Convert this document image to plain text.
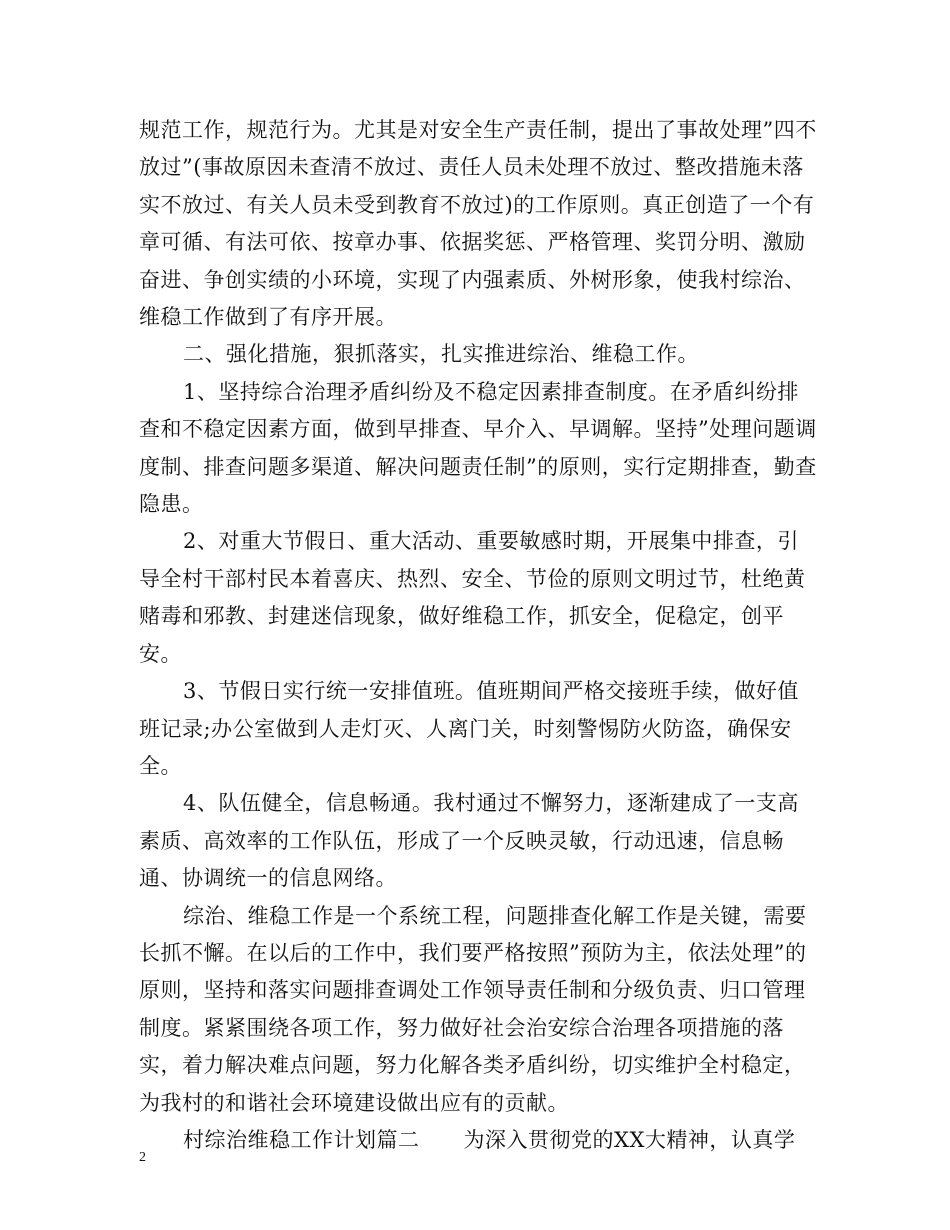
规范工作，规范行为。尤其是对安全生产责任制，提出了事故处理”四不放过”(事故原因未查清不放过、责任人员未处理不放过、整改措施未落实不放过、有关人员未受到教育不放过)的工作原则。真正创造了一个有章可循、有法可依、按章办事、依据奖惩、严格管理、奖罚分明、激励奋进、争创实绩的小环境，实现了内强素质、外树形象，使我村综治、维稳工作做到了有序开展。

二、强化措施，狠抓落实，扎实推进综治、维稳工作。

1、坚持综合治理矛盾纠纷及不稳定因素排查制度。在矛盾纠纷排查和不稳定因素方面，做到早排查、早介入、早调解。坚持”处理问题调度制、排查问题多渠道、解决问题责任制”的原则，实行定期排查，勤查隐患。

2、对重大节假日、重大活动、重要敏感时期，开展集中排查，引导全村干部村民本着喜庆、热烈、安全、节俭的原则文明过节，杜绝黄赌毒和邪教、封建迷信现象，做好维稳工作，抓安全，促稳定，创平安。

3、节假日实行统一安排值班。值班期间严格交接班手续，做好值班记录;办公室做到人走灯灭、人离门关，时刻警惕防火防盗，确保安全。

4、队伍健全，信息畅通。我村通过不懈努力，逐渐建成了一支高素质、高效率的工作队伍，形成了一个反映灵敏，行动迅速，信息畅通、协调统一的信息网络。

综治、维稳工作是一个系统工程，问题排查化解工作是关键，需要长抓不懈。在以后的工作中，我们要严格按照”预防为主，依法处理”的原则，坚持和落实问题排查调处工作领导责任制和分级负责、归口管理制度。紧紧围绕各项工作，努力做好社会治安综合治理各项措施的落实，着力解决难点问题，努力化解各类矛盾纠纷，切实维护全村稳定，为我村的和谐社会环境建设做出应有的贡献。

村综治维稳工作计划篇二 为深入贯彻党的XX大精神，认真学

2
